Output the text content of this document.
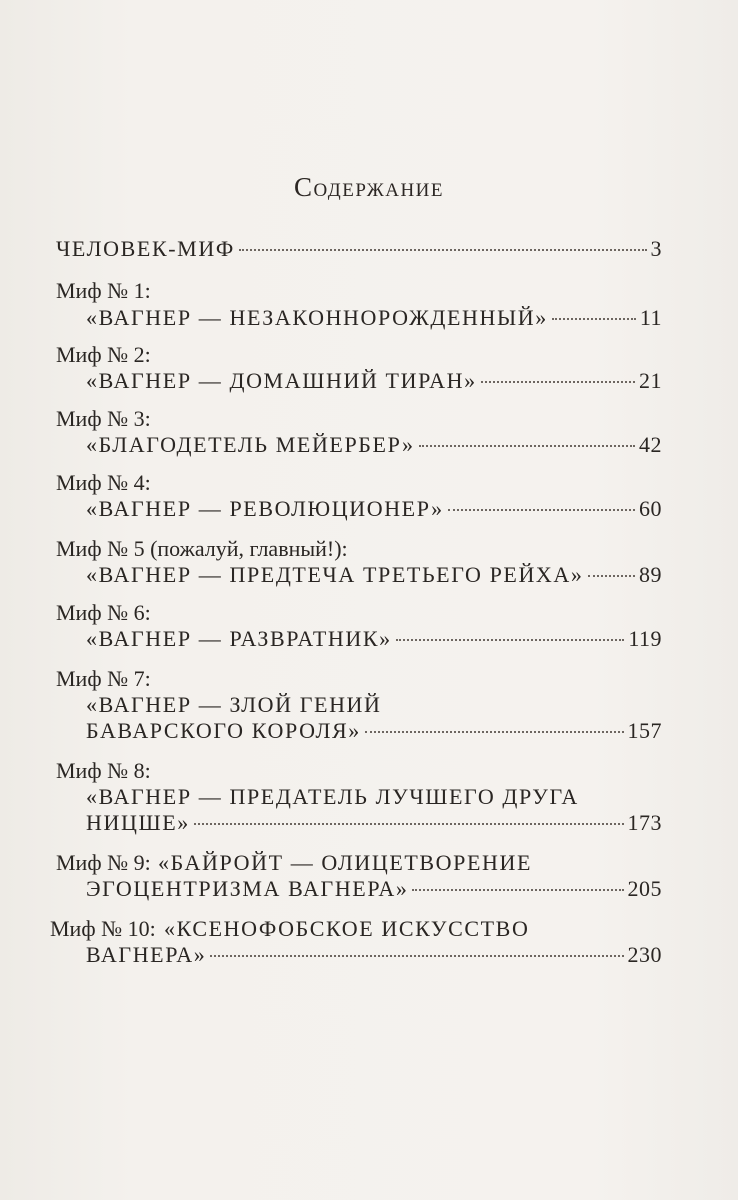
Содержание
ЧЕЛОВЕК-МИФ	3
Миф № 1:
«ВАГНЕР — НЕЗАКОННОРОЖДЕННЫЙ»	11
Миф № 2:
«ВАГНЕР — ДОМАШНИЙ ТИРАН»	21
Миф № 3:
«БЛАГОДЕТЕЛЬ МЕЙЕРБЕР»	42
Миф № 4:
«ВАГНЕР — РЕВОЛЮЦИОНЕР»	60
Миф № 5 (пожалуй, главный!):
«ВАГНЕР — ПРЕДТЕЧА ТРЕТЬЕГО РЕЙХА»	89
Миф № 6:
«ВАГНЕР — РАЗВРАТНИК»	119
Миф № 7:
«ВАГНЕР — ЗЛОЙ ГЕНИЙ
БАВАРСКОГО КОРОЛЯ»	157
Миф № 8:
«ВАГНЕР — ПРЕДАТЕЛЬ ЛУЧШЕГО ДРУГА
НИЦШЕ»	173
Миф № 9: «БАЙРОЙТ — ОЛИЦЕТВОРЕНИЕ
ЭГОЦЕНТРИЗМА ВАГНЕРА»	205
Миф № 10: «КСЕНОФОБСКОЕ ИСКУССТВО
ВАГНЕРА»	230
